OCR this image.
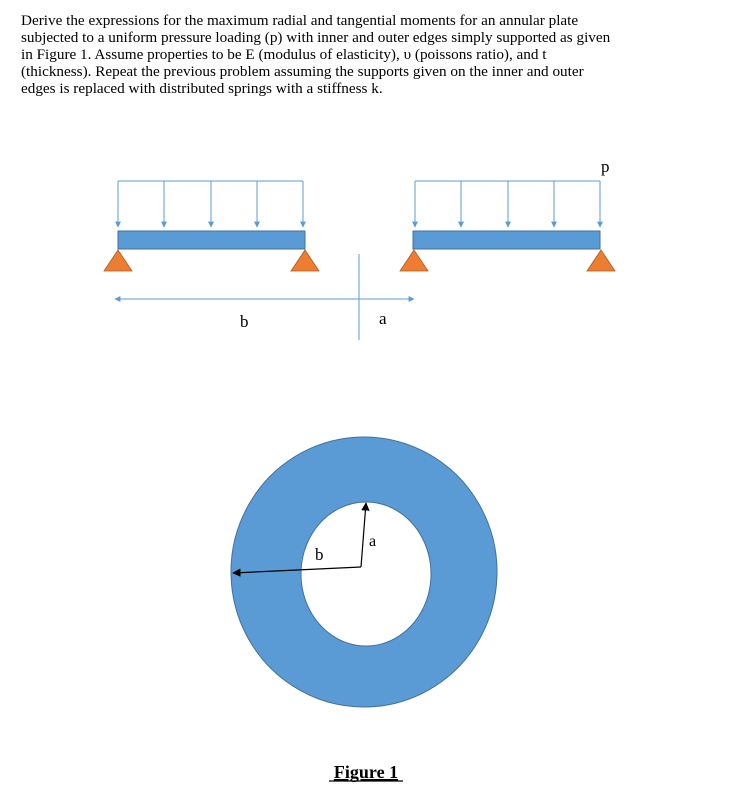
Derive the expressions for the maximum radial and tangential moments for an annular plate
subjected to a uniform pressure loading (p) with inner and outer edges simply supported as given
in Figure 1. Assume properties to be E (modulus of elasticity), υ (poissons ratio), and t
(thickness). Repeat the previous problem assuming the supports given on the inner and outer
edges is replaced with distributed springs with a stiffness k.
p
b	a
b
a
Figure 1
